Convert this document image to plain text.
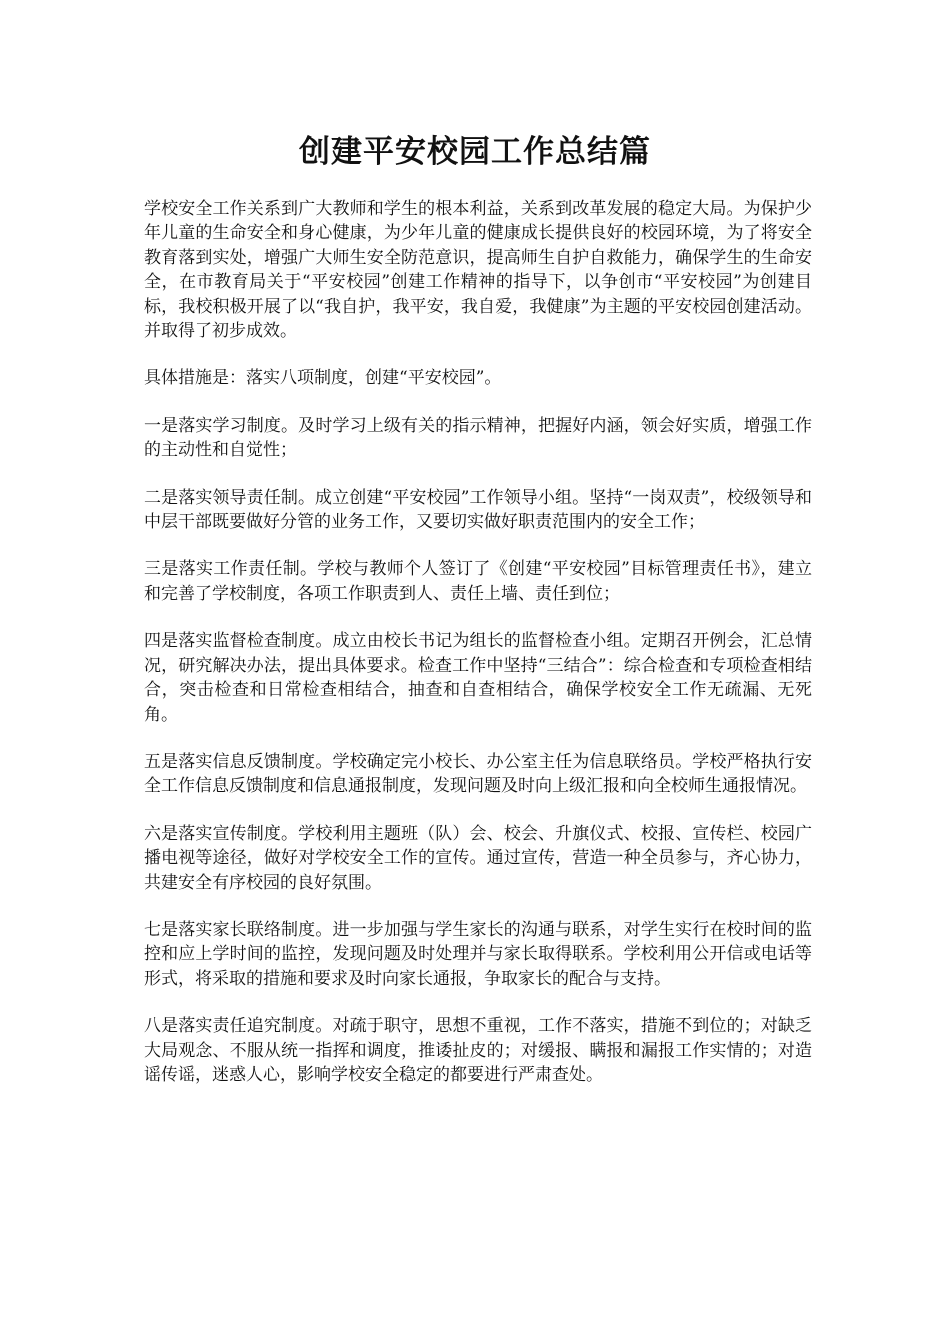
创建平安校园工作总结篇

学校安全工作关系到广大教师和学生的根本利益，关系到改革发展的稳定大局。为保护少年儿童的生命安全和身心健康，为少年儿童的健康成长提供良好的校园环境，为了将安全教育落到实处，增强广大师生安全防范意识，提高师生自护自救能力，确保学生的生命安全，在市教育局关于“平安校园”创建工作精神的指导下，以争创市“平安校园”为创建目标，我校积极开展了以“我自护，我平安，我自爱，我健康”为主题的平安校园创建活动。并取得了初步成效。

具体措施是：落实八项制度，创建“平安校园”。

一是落实学习制度。及时学习上级有关的指示精神，把握好内涵，领会好实质，增强工作的主动性和自觉性；

二是落实领导责任制。成立创建“平安校园”工作领导小组。坚持“一岗双责”，校级领导和中层干部既要做好分管的业务工作，又要切实做好职责范围内的安全工作；

三是落实工作责任制。学校与教师个人签订了《创建“平安校园”目标管理责任书》，建立和完善了学校制度，各项工作职责到人、责任上墙、责任到位；

四是落实监督检查制度。成立由校长书记为组长的监督检查小组。定期召开例会，汇总情况，研究解决办法，提出具体要求。检查工作中坚持“三结合”：综合检查和专项检查相结合，突击检查和日常检查相结合，抽查和自查相结合，确保学校安全工作无疏漏、无死角。

五是落实信息反馈制度。学校确定完小校长、办公室主任为信息联络员。学校严格执行安全工作信息反馈制度和信息通报制度，发现问题及时向上级汇报和向全校师生通报情况。

六是落实宣传制度。学校利用主题班（队）会、校会、升旗仪式、校报、宣传栏、校园广播电视等途径，做好对学校安全工作的宣传。通过宣传，营造一种全员参与，齐心协力，共建安全有序校园的良好氛围。

七是落实家长联络制度。进一步加强与学生家长的沟通与联系，对学生实行在校时间的监控和应上学时间的监控，发现问题及时处理并与家长取得联系。学校利用公开信或电话等形式，将采取的措施和要求及时向家长通报，争取家长的配合与支持。

八是落实责任追究制度。对疏于职守，思想不重视，工作不落实，措施不到位的；对缺乏大局观念、不服从统一指挥和调度，推诿扯皮的；对缓报、瞒报和漏报工作实情的；对造谣传谣，迷惑人心，影响学校安全稳定的都要进行严肃查处。
